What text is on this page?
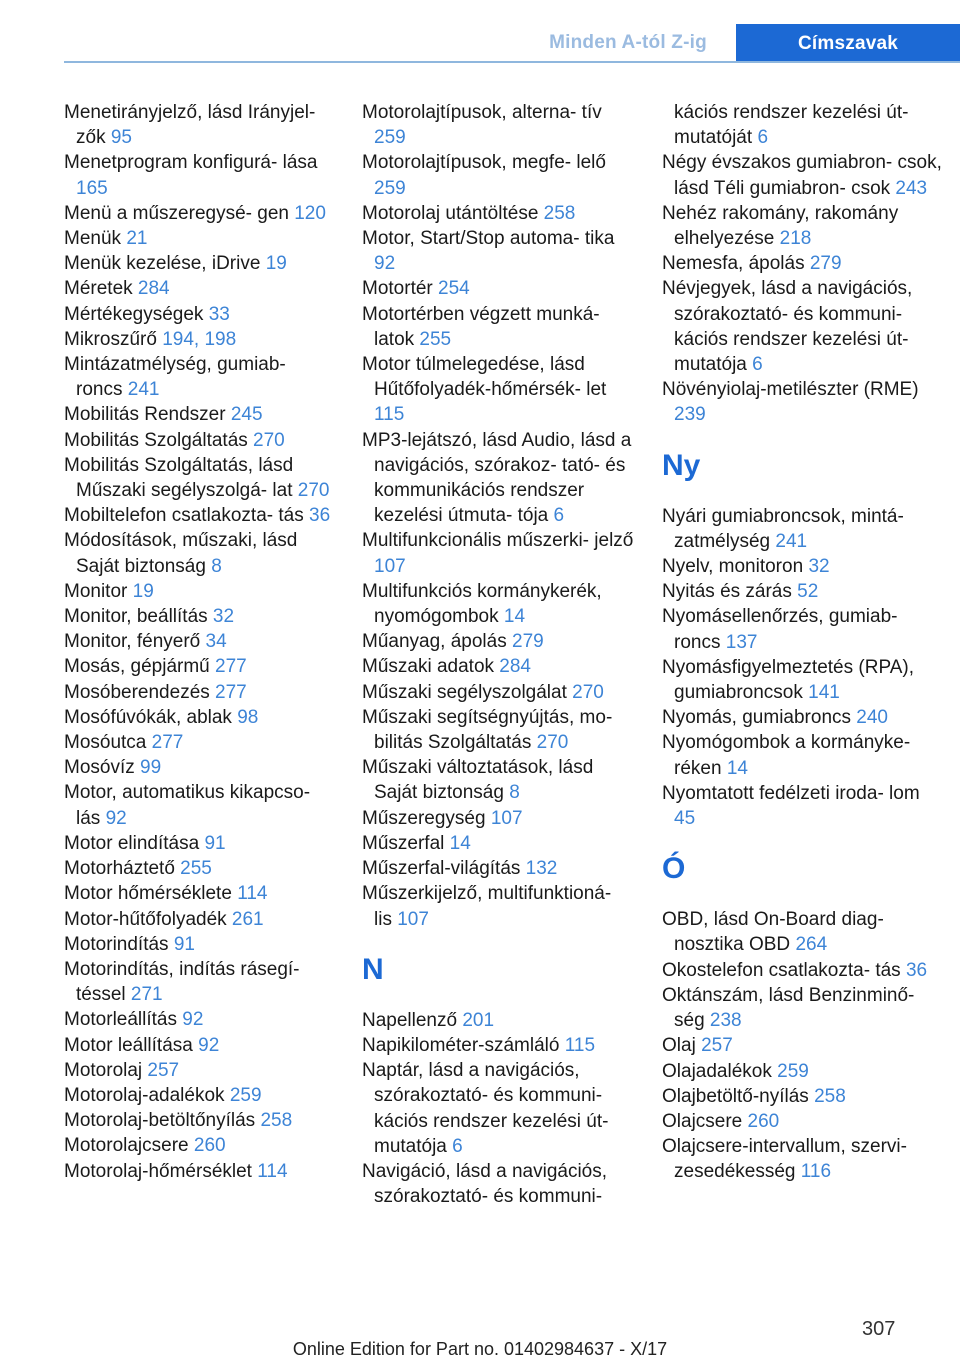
Minden A-tól Z-ig	Címszavak
Menetirányjelző, lásd Irányjel‐ zők 95
Menetprogram konfigurá‐ lása 165
Menü a műszeregysé‐ gen 120
Menük 21
Menük kezelése, iDrive 19
Méretek 284
Mértékegységek 33
Mikroszűrő 194, 198
Mintázatmélység, gumiab‐ roncs 241
Mobilitás Rendszer 245
Mobilitás Szolgáltatás 270
Mobilitás Szolgáltatás, lásd Műszaki segélyszolgá‐ lat 270
Mobiltelefon csatlakozta‐ tás 36
Módosítások, műszaki, lásd Saját biztonság 8
Monitor 19
Monitor, beállítás 32
Monitor, fényerő 34
Mosás, gépjármű 277
Mosóberendezés 277
Mosófúvókák, ablak 98
Mosóutca 277
Mosóvíz 99
Motor, automatikus kikapcso‐ lás 92
Motor elindítása 91
Motorháztető 255
Motor hőmérséklete 114
Motor-hűtőfolyadék 261
Motorindítás 91
Motorindítás, indítás rásegí‐ téssel 271
Motorleállítás 92
Motor leállítása 92
Motorolaj 257
Motorolaj-adalékok 259
Motorolaj-betöltőnyílás 258
Motorolajcsere 260
Motorolaj-hőmérséklet 114
Motorolajtípusok, alterna‐ tív 259
Motorolajtípusok, megfe‐ lelő 259
Motorolaj utántöltése 258
Motor, Start/Stop automa‐ tika 92
Motortér 254
Motortérben végzett munká‐ latok 255
Motor túlmelegedése, lásd Hűtőfolyadék-hőmérsék‐ let 115
MP3-lejátszó, lásd Audio, lásd a navigációs, szórakoz‐ tató- és kommunikációs rendszer kezelési útmuta‐ tója 6
Multifunkcionális műszerki‐ jelző 107
Multifunkciós kormánykerék, nyomógombok 14
Műanyag, ápolás 279
Műszaki adatok 284
Műszaki segélyszolgálat 270
Műszaki segítségnyújtás, mo‐ bilitás Szolgáltatás 270
Műszaki változtatások, lásd Saját biztonság 8
Műszeregység 107
Műszerfal 14
Műszerfal-világítás 132
Műszerkijelző, multifunktioná‐ lis 107
N
Napellenző 201
Napikilométer-számláló 115
Naptár, lásd a navigációs, szórakoztató- és kommuni‐ kációs rendszer kezelési út‐ mutatója 6
Navigáció, lásd a navigációs, szórakoztató- és kommuni‐
kációs rendszer kezelési út‐ mutatóját 6
Négy évszakos gumiabron‐ csok, lásd Téli gumiabron‐ csok 243
Nehéz rakomány, rakomány elhelyezése 218
Nemesfa, ápolás 279
Névjegyek, lásd a navigációs, szórakoztató- és kommuni‐ kációs rendszer kezelési út‐ mutatója 6
Növényiolaj-metilészter (RME) 239
Ny
Nyári gumiabroncsok, mintá‐ zatmélység 241
Nyelv, monitoron 32
Nyitás és zárás 52
Nyomásellenőrzés, gumiab‐ roncs 137
Nyomásfigyelmeztetés (RPA), gumiabroncsok 141
Nyomás, gumiabroncs 240
Nyomógombok a kormányke‐ réken 14
Nyomtatott fedélzeti iroda‐ lom 45
Ó
OBD, lásd On-Board diag‐ nosztika OBD 264
Okostelefon csatlakozta‐ tás 36
Oktánszám, lásd Benzinminő‐ ség 238
Olaj 257
Olajadalékok 259
Olajbetöltő-nyílás 258
Olajcsere 260
Olajcsere-intervallum, szervi‐ zesedékesség 116
307
Online Edition for Part no. 01402984637 - X/17
